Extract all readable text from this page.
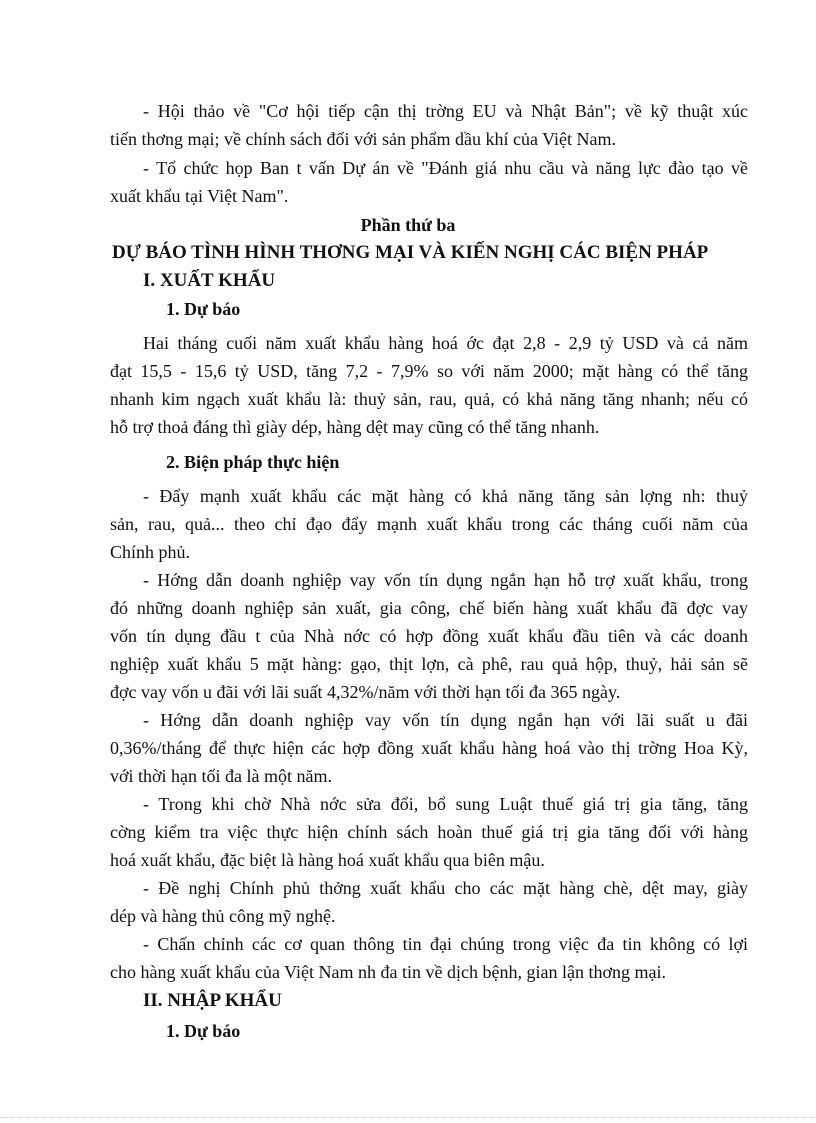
- Hội thảo về "Cơ hội tiếp cận thị trờng EU và Nhật Bản"; về kỹ thuật xúc
tiến thơng mại; về chính sách đối với sản phẩm dầu khí của Việt Nam.
- Tổ chức họp Ban t vấn Dự án về "Đánh giá nhu cầu và năng lực đào tạo về
xuất khẩu tại Việt Nam".
Phần thứ ba
DỰ BÁO TÌNH HÌNH THƠNG MẠI VÀ KIẾN NGHỊ CÁC BIỆN PHÁP
I. XUẤT KHẨU
1. Dự báo
Hai tháng cuối năm xuất khẩu hàng hoá ớc đạt 2,8 - 2,9 tỷ USD và cả năm
đạt 15,5 - 15,6 tỷ USD, tăng 7,2 - 7,9% so với năm 2000; mặt hàng có thể tăng
nhanh kim ngạch xuất khẩu là: thuỷ sản, rau, quả, có khả năng tăng nhanh; nếu có
hỗ trợ thoả đáng thì giày dép, hàng dệt may cũng có thể tăng nhanh.
2. Biện pháp thực hiện
- Đẩy mạnh xuất khẩu các mặt hàng có khả năng tăng sản lợng nh: thuỷ
sản, rau, quả... theo chỉ đạo đẩy mạnh xuất khẩu trong các tháng cuối năm của
Chính phủ.
- Hớng dẫn doanh nghiệp vay vốn tín dụng ngắn hạn hỗ trợ xuất khẩu, trong
đó những doanh nghiệp sản xuất, gia công, chế biến hàng xuất khẩu đã đợc vay
vốn tín dụng đầu t của Nhà nớc có hợp đồng xuất khẩu đầu tiên và các doanh
nghiệp xuất khẩu 5 mặt hàng: gạo, thịt lợn, cà phê, rau quả hộp, thuỷ, hải sản sẽ
đợc vay vốn u đãi với lãi suất 4,32%/năm với thời hạn tối đa 365 ngày.
- Hớng dẫn doanh nghiệp vay vốn tín dụng ngắn hạn với lãi suất u đãi
0,36%/tháng để thực hiện các hợp đồng xuất khẩu hàng hoá vào thị trờng Hoa Kỳ,
với thời hạn tối đa là một năm.
- Trong khi chờ Nhà nớc sửa đổi, bổ sung Luật thuế giá trị gia tăng, tăng
cờng kiểm tra việc thực hiện chính sách hoàn thuế giá trị gia tăng đối với hàng
hoá xuất khẩu, đặc biệt là hàng hoá xuất khẩu qua biên mậu.
- Đề nghị Chính phủ thởng xuất khẩu cho các mặt hàng chè, dệt may, giày
dép và hàng thủ công mỹ nghệ.
- Chấn chỉnh các cơ quan thông tin đại chúng trong việc đa tin không có lợi
cho hàng xuất khẩu của Việt Nam nh đa tin về dịch bệnh, gian lận thơng mại.
II. NHẬP KHẨU
1. Dự báo
